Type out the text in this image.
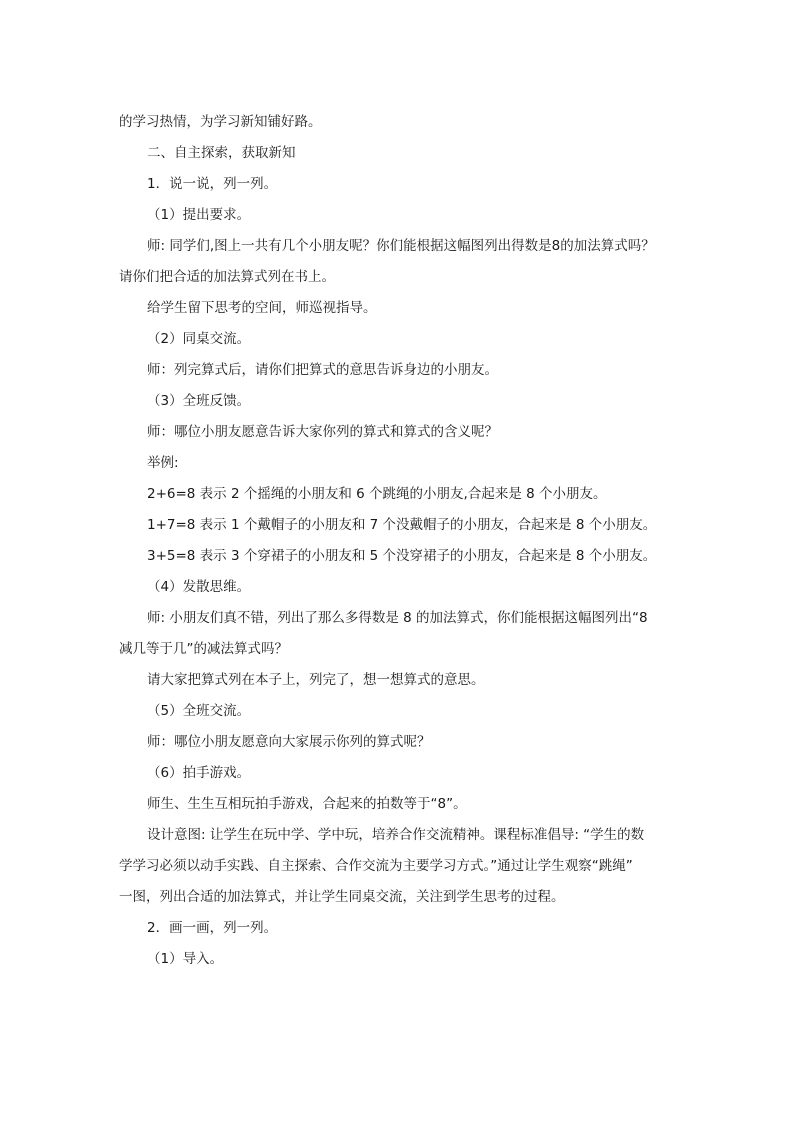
的学习热情，为学习新知铺好路。
二、自主探索，获取新知
1．说一说，列一列。
（1）提出要求。
师: 同学们,图上一共有几个小朋友呢？你们能根据这幅图列出得数是8的加法算式吗？
请你们把合适的加法算式列在书上。
给学生留下思考的空间，师巡视指导。
（2）同桌交流。
师：列完算式后，请你们把算式的意思告诉身边的小朋友。
（3）全班反馈。
师：哪位小朋友愿意告诉大家你列的算式和算式的含义呢？
举例:
2+6=8 表示 2 个摇绳的小朋友和 6 个跳绳的小朋友,合起来是 8 个小朋友。
1+7=8 表示 1 个戴帽子的小朋友和 7 个没戴帽子的小朋友，合起来是 8 个小朋友。
3+5=8 表示 3 个穿裙子的小朋友和 5 个没穿裙子的小朋友，合起来是 8 个小朋友。
（4）发散思维。
师: 小朋友们真不错，列出了那么多得数是 8 的加法算式，你们能根据这幅图列出“8
减几等于几”的减法算式吗？
请大家把算式列在本子上，列完了，想一想算式的意思。
（5）全班交流。
师：哪位小朋友愿意向大家展示你列的算式呢？
（6）拍手游戏。
师生、生生互相玩拍手游戏，合起来的拍数等于“8”。
设计意图: 让学生在玩中学、学中玩，培养合作交流精神。课程标准倡导: “学生的数
学学习必须以动手实践、自主探索、合作交流为主要学习方式。”通过让学生观察“跳绳”
一图，列出合适的加法算式，并让学生同桌交流，关注到学生思考的过程。
2．画一画，列一列。
（1）导入。
